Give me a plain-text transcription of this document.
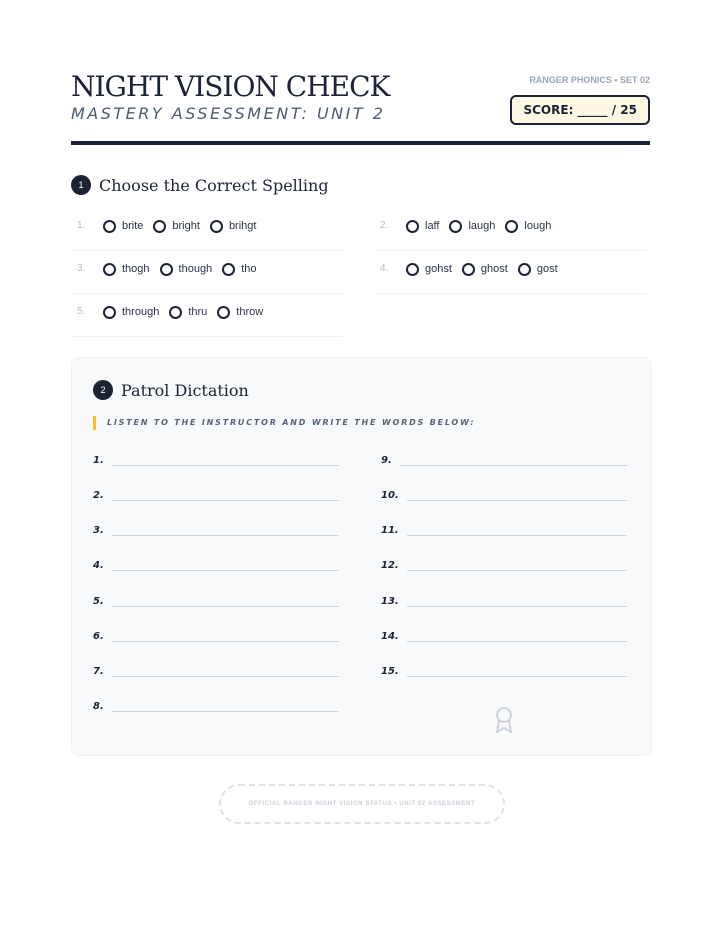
NIGHT VISION CHECK
MASTERY ASSESSMENT: UNIT 2
RANGER PHONICS • SET 02
SCORE: _____ / 25
1 Choose the Correct Spelling
1.	brite	bright	brihgt	2.	laff	laugh	lough
3.	thogh	though	tho	4.	gohst	ghost	gost
5.	through	thru	throw
2 Patrol Dictation
LISTEN TO THE INSTRUCTOR AND WRITE THE WORDS BELOW:
1.
2.
3.
4.
5.
6.
7.
8.
9.
10.
11.
12.
13.
14.
15.
OFFICIAL RANGER NIGHT VISION STATUS • UNIT 02 ASSESSMENT
